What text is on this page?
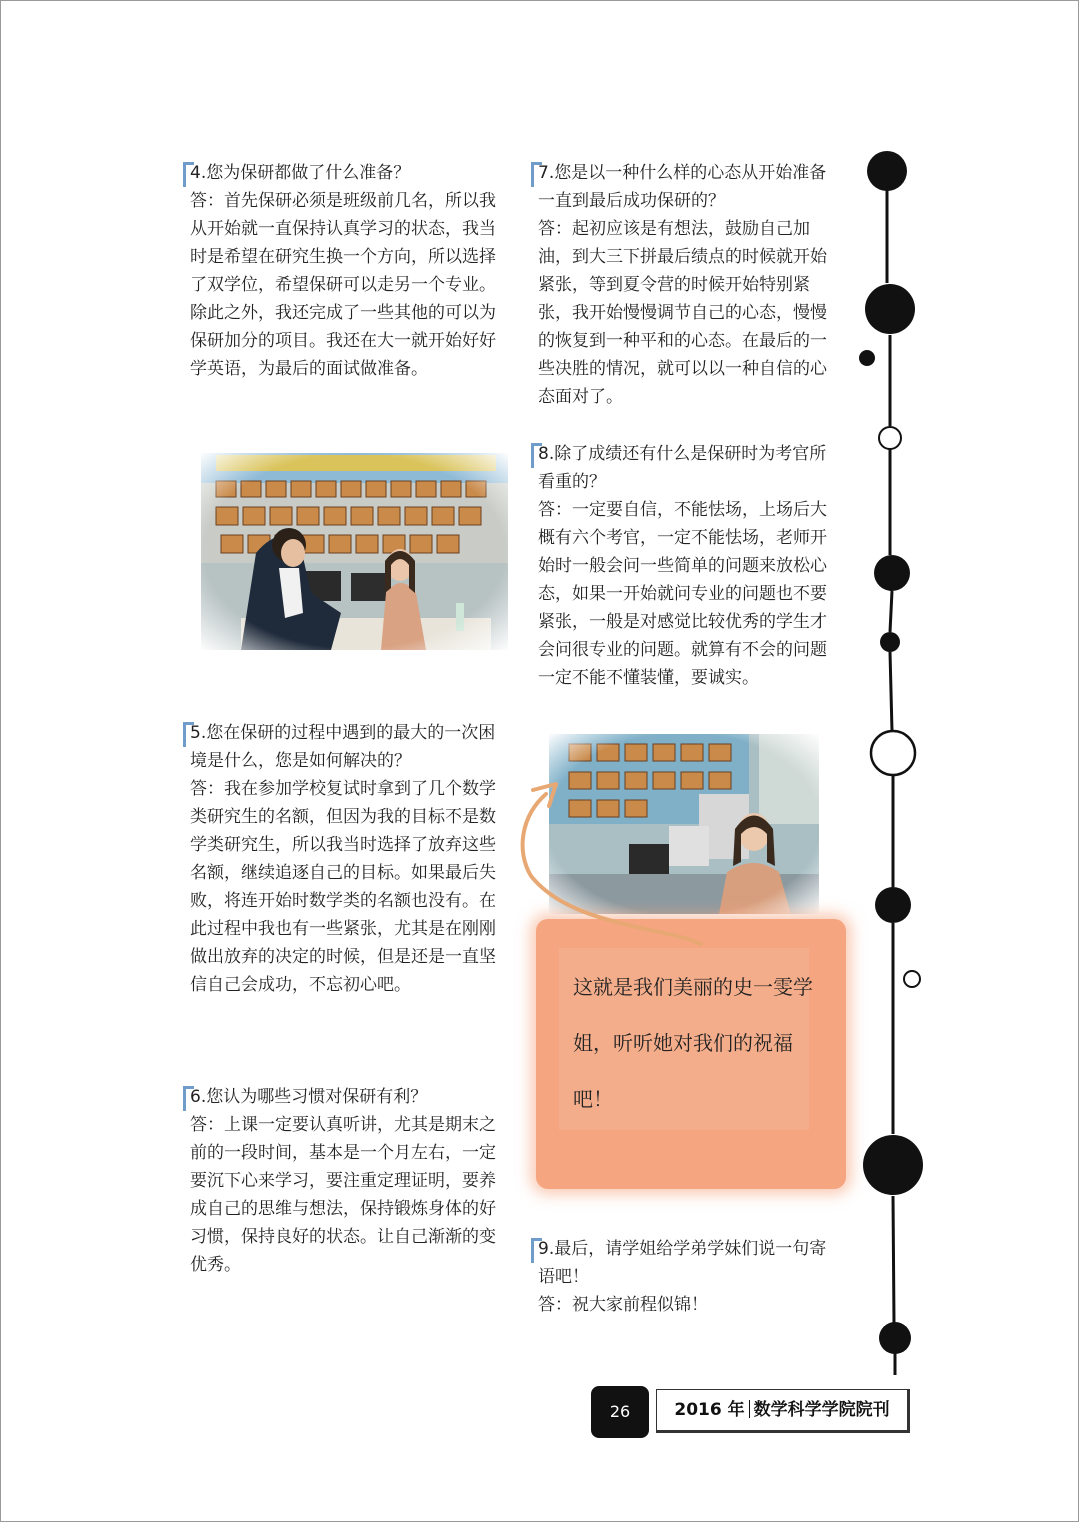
4.您为保研都做了什么准备？

答：首先保研必须是班级前几名，所以我从开始就一直保持认真学习的状态，我当时是希望在研究生换一个方向，所以选择了双学位，希望保研可以走另一个专业。除此之外，我还完成了一些其他的可以为保研加分的项目。我还在大一就开始好好学英语，为最后的面试做准备。

5.您在保研的过程中遇到的最大的一次困境是什么，您是如何解决的？

答：我在参加学校复试时拿到了几个数学类研究生的名额，但因为我的目标不是数学类研究生，所以我当时选择了放弃这些名额，继续追逐自己的目标。如果最后失败，将连开始时数学类的名额也没有。在此过程中我也有一些紧张，尤其是在刚刚做出放弃的决定的时候，但是还是一直坚信自己会成功，不忘初心吧。

6.您认为哪些习惯对保研有利？

答：上课一定要认真听讲，尤其是期末之前的一段时间，基本是一个月左右，一定要沉下心来学习，要注重定理证明，要养成自己的思维与想法，保持锻炼身体的好习惯，保持良好的状态。让自己渐渐的变优秀。

7.您是以一种什么样的心态从开始准备一直到最后成功保研的？

答：起初应该是有想法，鼓励自己加油，到大三下拼最后绩点的时候就开始紧张，等到夏令营的时候开始特别紧张，我开始慢慢调节自己的心态，慢慢的恢复到一种平和的心态。在最后的一些决胜的情况，就可以以一种自信的心态面对了。

8.除了成绩还有什么是保研时为考官所看重的？

答：一定要自信，不能怯场，上场后大概有六个考官，一定不能怯场，老师开始时一般会问一些简单的问题来放松心态，如果一开始就问专业的问题也不要紧张，一般是对感觉比较优秀的学生才会问很专业的问题。就算有不会的问题一定不能不懂装懂，要诚实。

这就是我们美丽的史一雯学姐，听听她对我们的祝福吧！

9.最后，请学姐给学弟学妹们说一句寄语吧！

答：祝大家前程似锦！

26	2016 年 数学科学学院院刊
